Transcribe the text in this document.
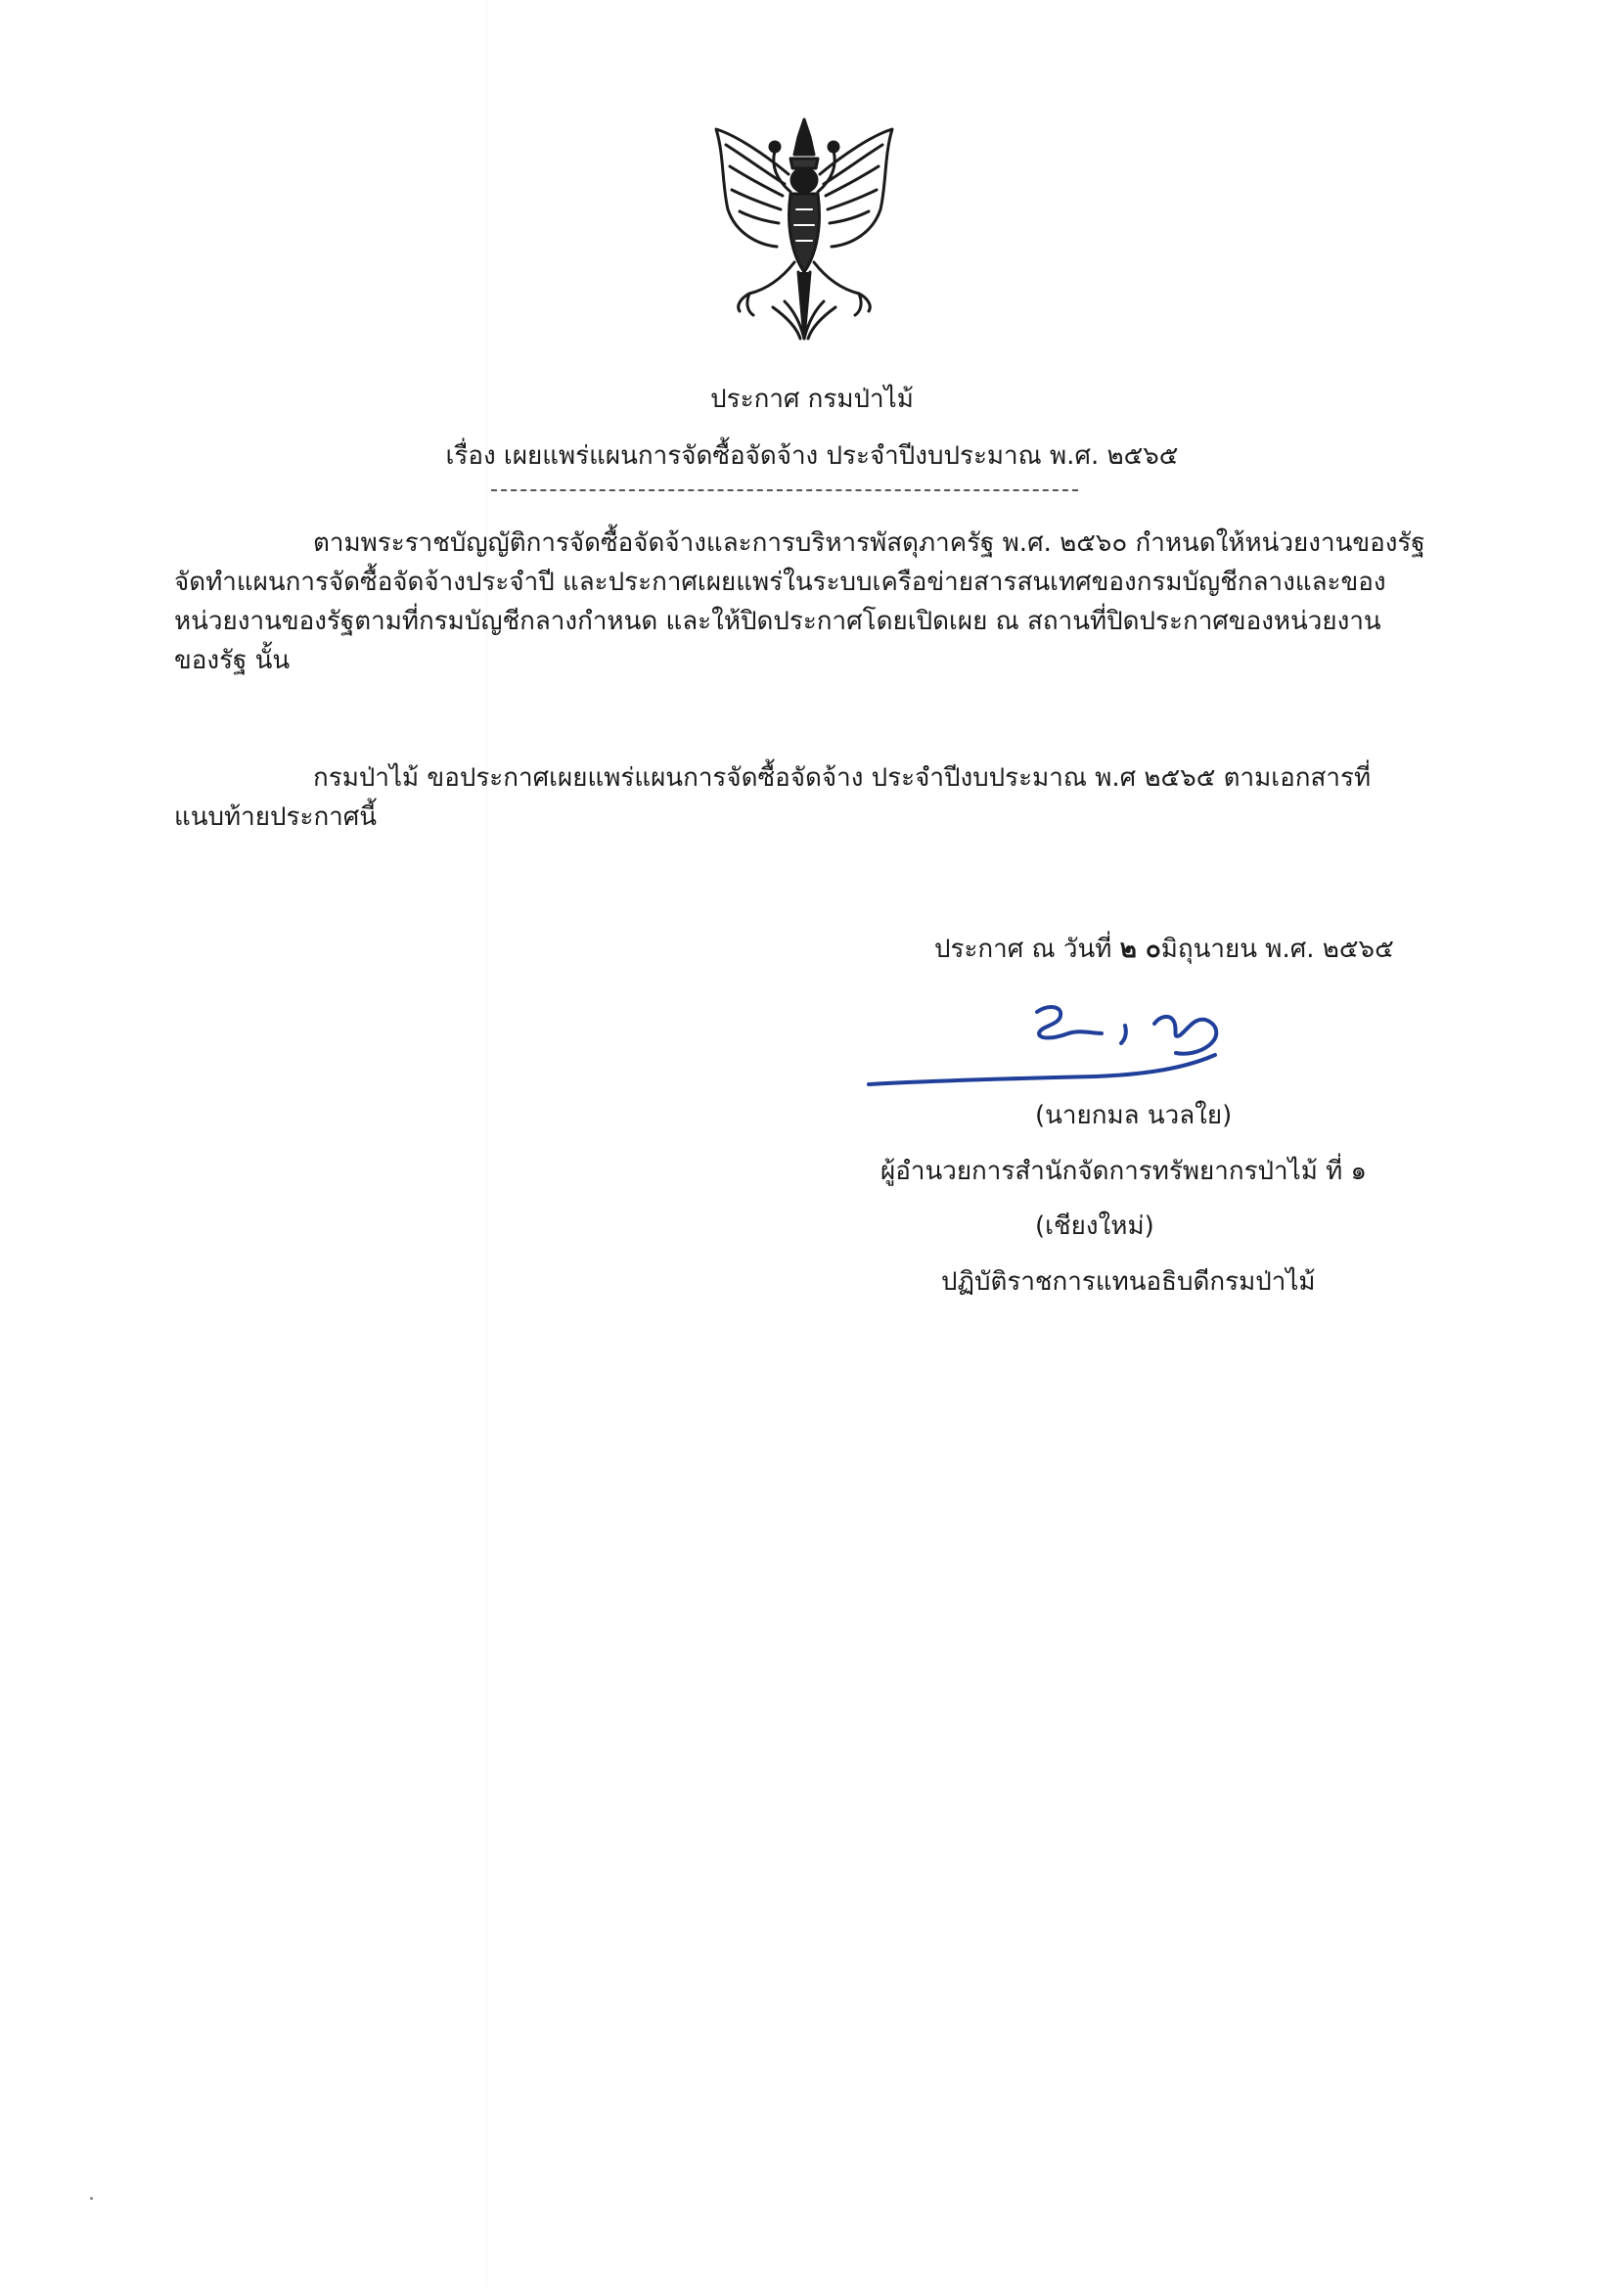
ประกาศ กรมป่าไม้
เรื่อง เผยแพร่แผนการจัดซื้อจัดจ้าง ประจำปีงบประมาณ พ.ศ. ๒๕๖๕
ตามพระราชบัญญัติการจัดซื้อจัดจ้างและการบริหารพัสดุภาครัฐ พ.ศ. ๒๕๖๐ กำหนดให้หน่วยงานของรัฐ
จัดทำแผนการจัดซื้อจัดจ้างประจำปี และประกาศเผยแพร่ในระบบเครือข่ายสารสนเทศของกรมบัญชีกลางและของ
หน่วยงานของรัฐตามที่กรมบัญชีกลางกำหนด และให้ปิดประกาศโดยเปิดเผย ณ สถานที่ปิดประกาศของหน่วยงาน
ของรัฐ นั้น
กรมป่าไม้ ขอประกาศเผยแพร่แผนการจัดซื้อจัดจ้าง ประจำปีงบประมาณ พ.ศ ๒๕๖๕ ตามเอกสารที่
แนบท้ายประกาศนี้
ประกาศ ณ วันที่ ๒ ๐มิถุนายน พ.ศ. ๒๕๖๕
(นายกมล นวลใย)
ผู้อำนวยการสำนักจัดการทรัพยากรป่าไม้ ที่ ๑
(เชียงใหม่)
ปฏิบัติราชการแทนอธิบดีกรมป่าไม้
